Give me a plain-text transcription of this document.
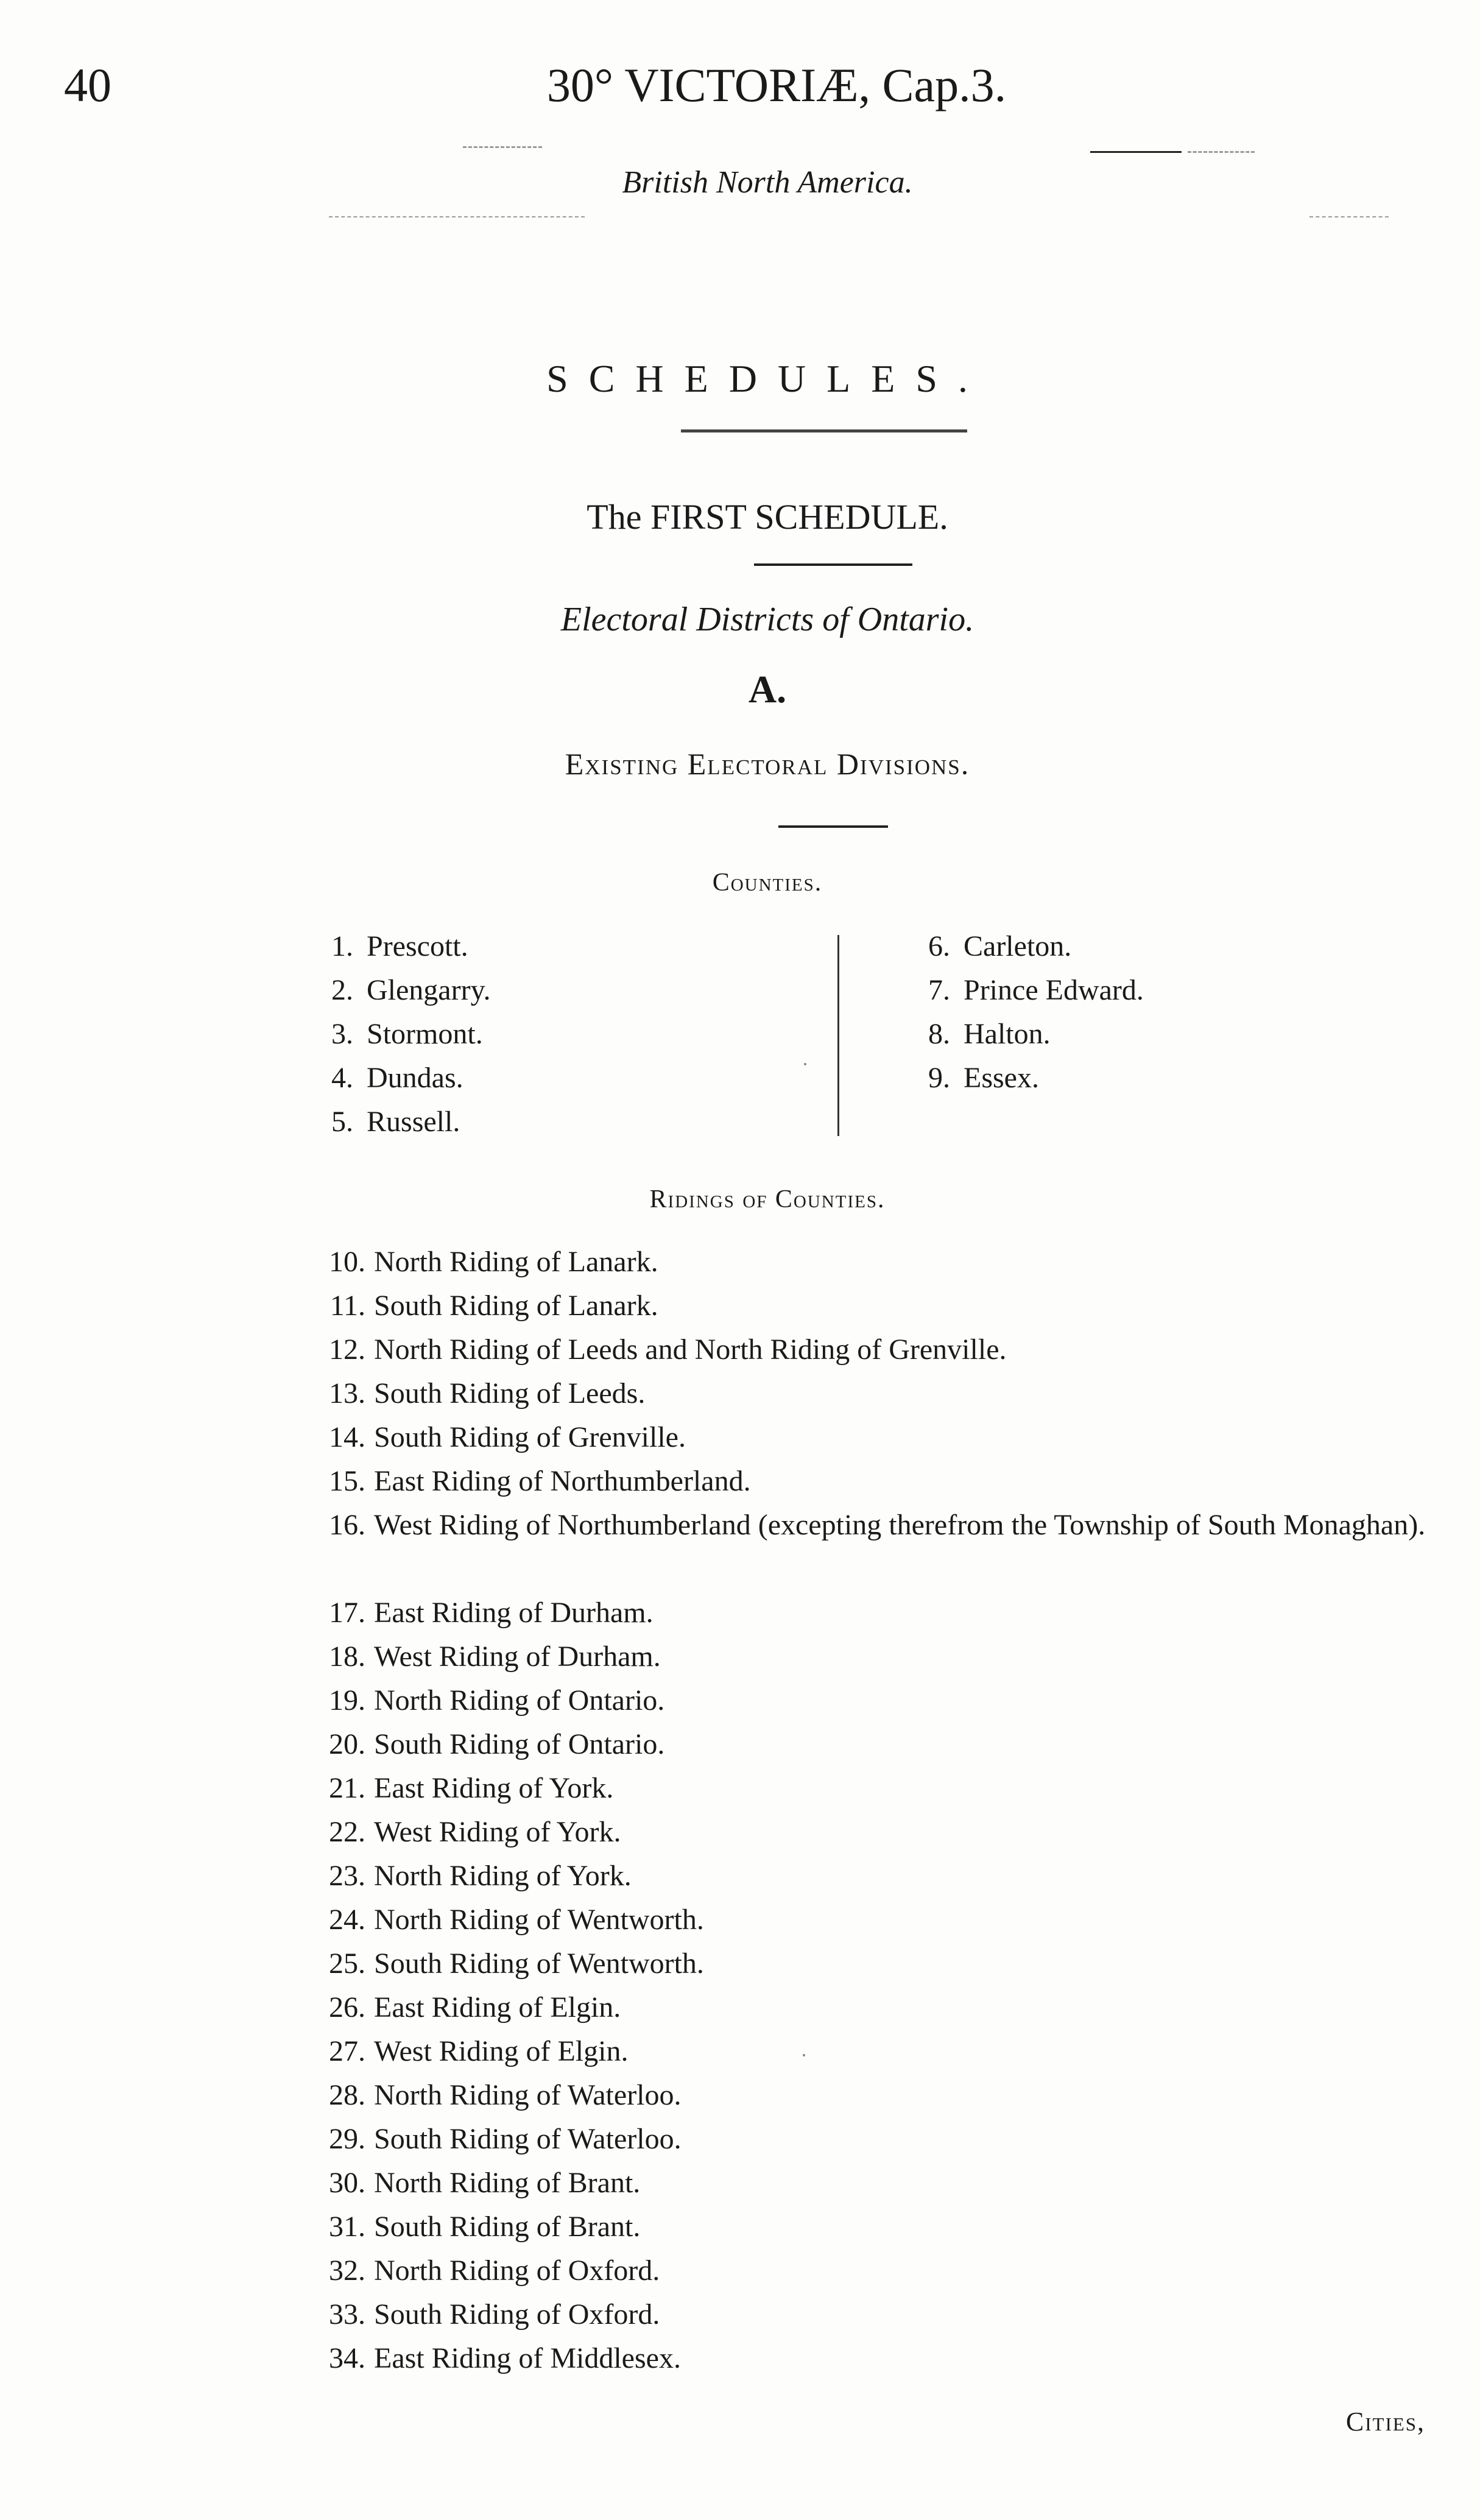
40	30° VICTORIÆ, Cap.3.
British North America.
SCHEDULES.
The FIRST SCHEDULE.
Electoral Districts of Ontario.
A.
Existing Electoral Divisions.
Counties.
1. Prescott.
2. Glengarry.
3. Stormont.
4. Dundas.
5. Russell.
6. Carleton.
7. Prince Edward.
8. Halton.
9. Essex.
Ridings of Counties.
10. North Riding of Lanark.
11. South Riding of Lanark.
12. North Riding of Leeds and North Riding of Grenville.
13. South Riding of Leeds.
14. South Riding of Grenville.
15. East Riding of Northumberland.
16. West Riding of Northumberland (excepting therefrom the Township of South Monaghan).
17. East Riding of Durham.
18. West Riding of Durham.
19. North Riding of Ontario.
20. South Riding of Ontario.
21. East Riding of York.
22. West Riding of York.
23. North Riding of York.
24. North Riding of Wentworth.
25. South Riding of Wentworth.
26. East Riding of Elgin.
27. West Riding of Elgin.
28. North Riding of Waterloo.
29. South Riding of Waterloo.
30. North Riding of Brant.
31. South Riding of Brant.
32. North Riding of Oxford.
33. South Riding of Oxford.
34. East Riding of Middlesex.
Cities,
